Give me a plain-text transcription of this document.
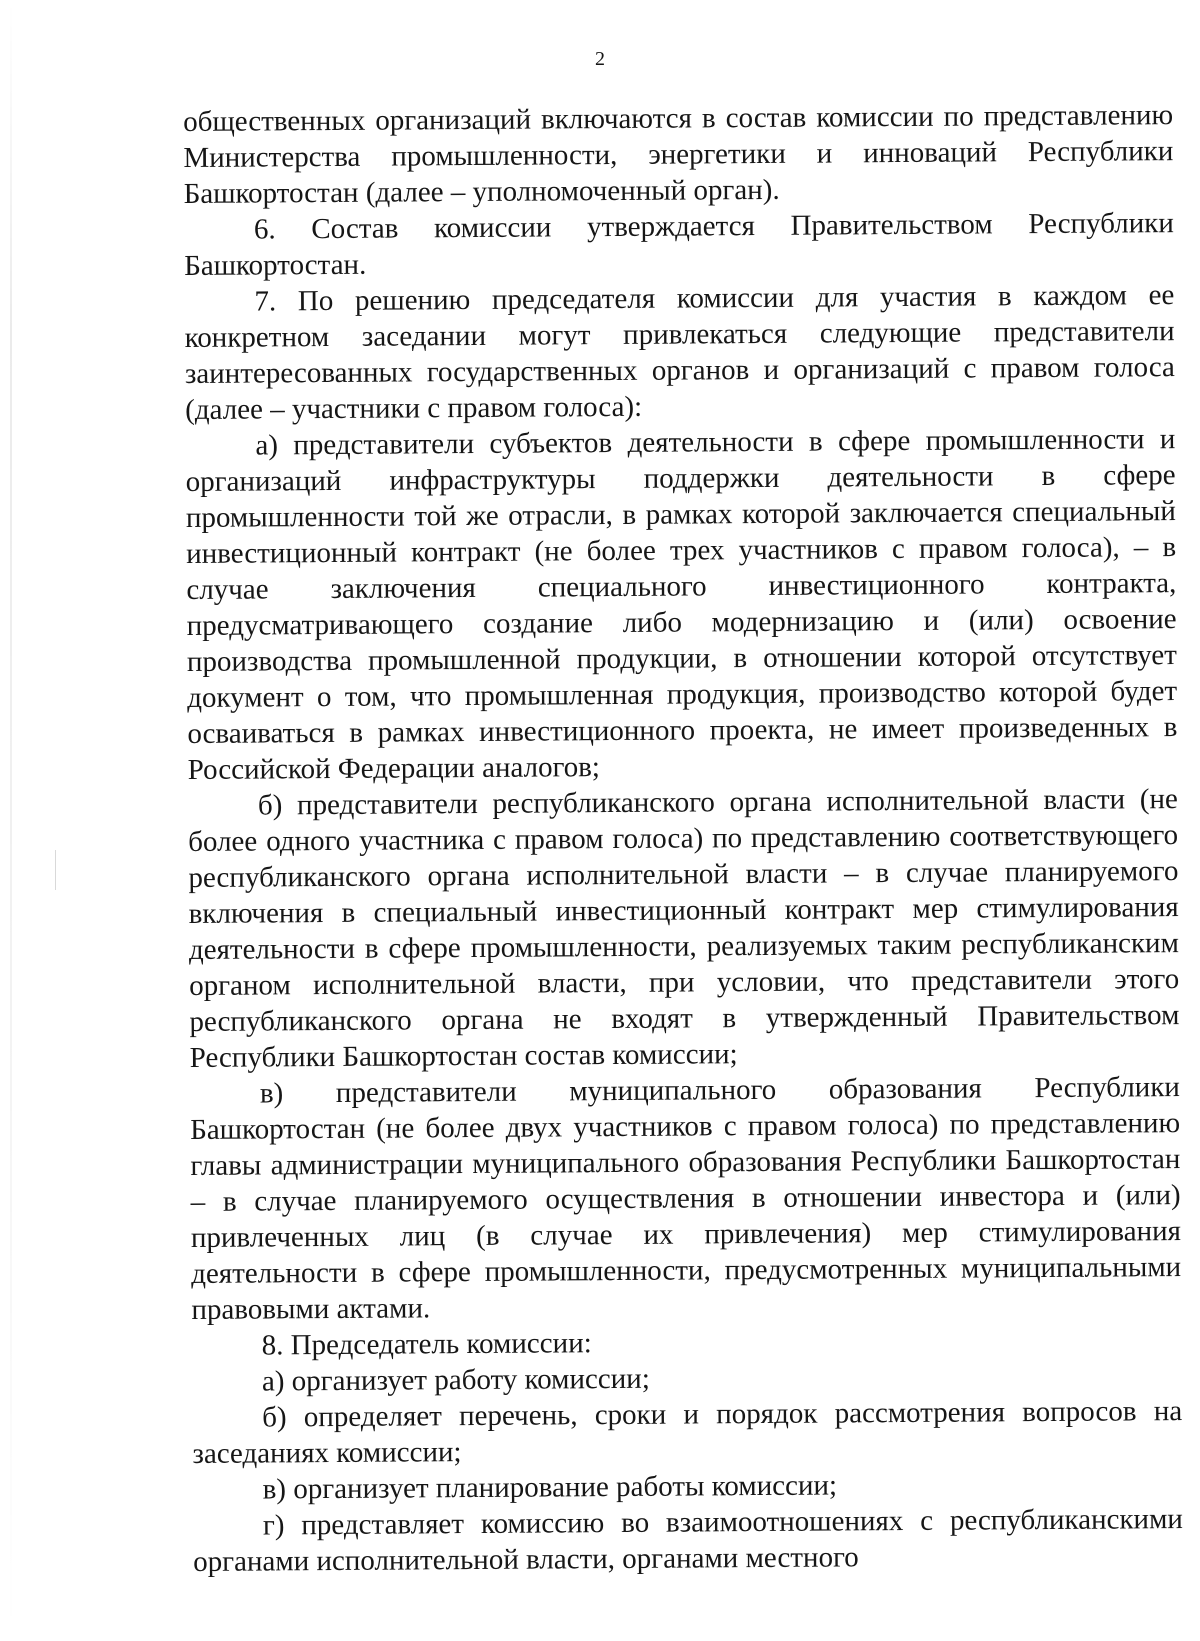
2

общественных организаций включаются в состав комиссии по представлению Министерства промышленности, энергетики и инноваций Республики Башкортостан (далее – уполномоченный орган).

6. Состав комиссии утверждается Правительством Республики Башкортостан.

7. По решению председателя комиссии для участия в каждом ее конкретном заседании могут привлекаться следующие представители заинтересованных государственных органов и организаций с правом голоса (далее – участники с правом голоса):

а) представители субъектов деятельности в сфере промышленности и организаций инфраструктуры поддержки деятельности в сфере промышленности той же отрасли, в рамках которой заключается специальный инвестиционный контракт (не более трех участников с правом голоса), – в случае заключения специального инвестиционного контракта, предусматривающего создание либо модернизацию и (или) освоение производства промышленной продукции, в отношении которой отсутствует документ о том, что промышленная продукция, производство которой будет осваиваться в рамках инвестиционного проекта, не имеет произведенных в Российской Федерации аналогов;

б) представители республиканского органа исполнительной власти (не более одного участника с правом голоса) по представлению соответствующего республиканского органа исполнительной власти – в случае планируемого включения в специальный инвестиционный контракт мер стимулирования деятельности в сфере промышленности, реализуемых таким республиканским органом исполнительной власти, при условии, что представители этого республиканского органа не входят в утвержденный Правительством Республики Башкортостан состав комиссии;

в) представители муниципального образования Республики Башкортостан (не более двух участников с правом голоса) по представлению главы администрации муниципального образования Республики Башкортостан – в случае планируемого осуществления в отношении инвестора и (или) привлеченных лиц (в случае их привлечения) мер стимулирования деятельности в сфере промышленности, предусмотренных муниципальными правовыми актами.

8. Председатель комиссии:

а) организует работу комиссии;

б) определяет перечень, сроки и порядок рассмотрения вопросов на заседаниях комиссии;

в) организует планирование работы комиссии;

г) представляет комиссию во взаимоотношениях с республиканскими органами исполнительной власти, органами местного
